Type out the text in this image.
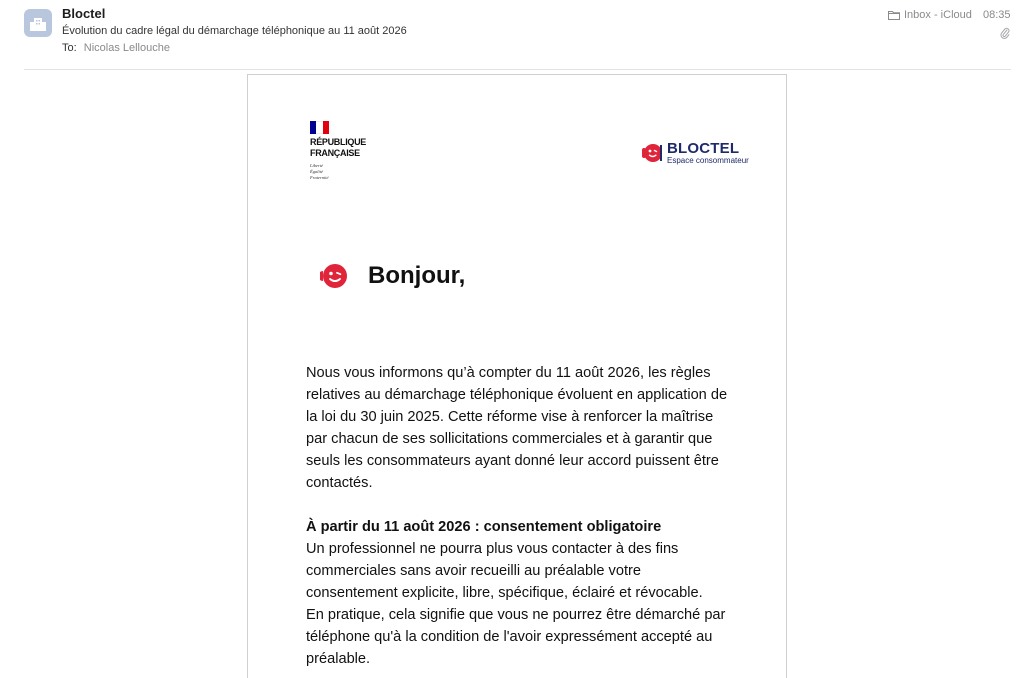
Bloctel
Évolution du cadre légal du démarchage téléphonique au 11 août 2026
To: Nicolas Lellouche
Inbox - iCloud 08:35
RÉPUBLIQUE
FRANÇAISE
Liberté
Égalité
Fraternité
BLOCTEL
Espace consommateur
Bonjour,

Nous vous informons qu’à compter du 11 août 2026, les règles relatives au démarchage téléphonique évoluent en application de la loi du 30 juin 2025. Cette réforme vise à renforcer la maîtrise par chacun de ses sollicitations commerciales et à garantir que seuls les consommateurs ayant donné leur accord puissent être contactés.

À partir du 11 août 2026 : consentement obligatoire
Un professionnel ne pourra plus vous contacter à des fins commerciales sans avoir recueilli au préalable votre consentement explicite, libre, spécifique, éclairé et révocable.
En pratique, cela signifie que vous ne pourrez être démarché par téléphone qu'à la condition de l'avoir expressément accepté au préalable.
